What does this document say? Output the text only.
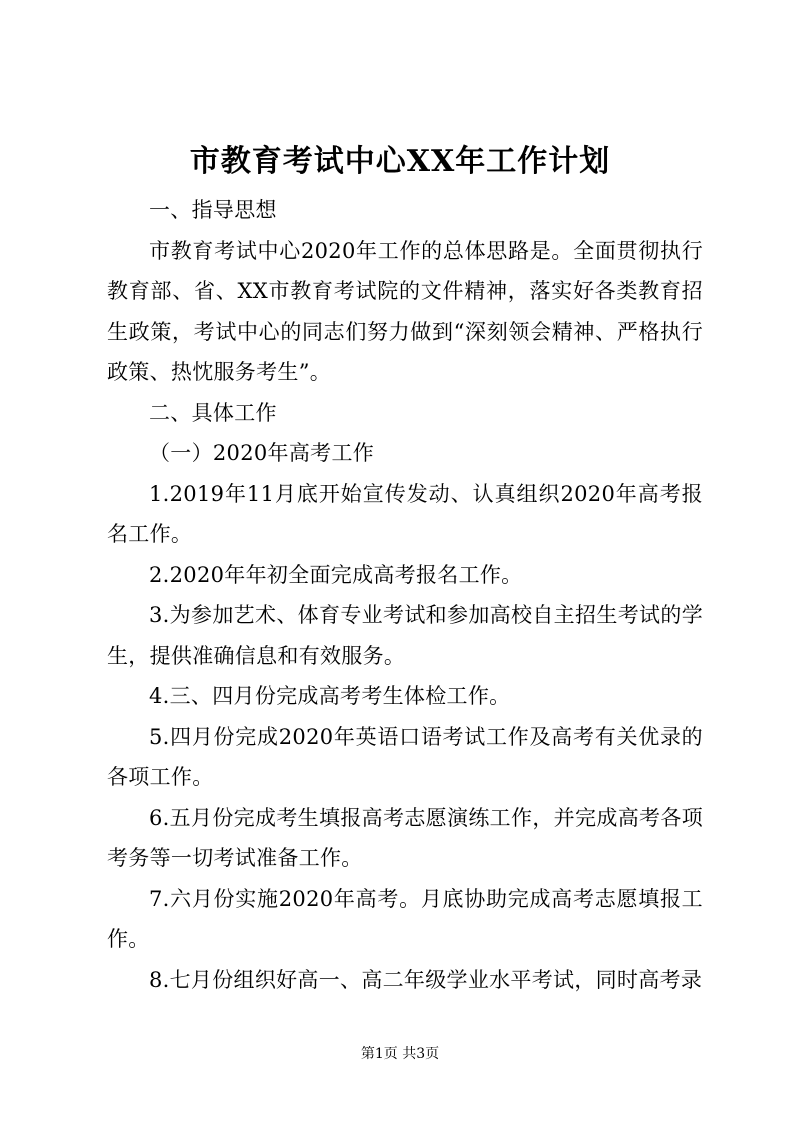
市教育考试中心XX年工作计划

一、指导思想

市教育考试中心2020年工作的总体思路是。全面贯彻执行教育部、省、XX市教育考试院的文件精神，落实好各类教育招生政策，考试中心的同志们努力做到“深刻领会精神、严格执行政策、热忱服务考生”。

二、具体工作

（一）2020年高考工作

1.2019年11月底开始宣传发动、认真组织2020年高考报名工作。

2.2020年年初全面完成高考报名工作。

3.为参加艺术、体育专业考试和参加高校自主招生考试的学生，提供准确信息和有效服务。

4.三、四月份完成高考考生体检工作。

5.四月份完成2020年英语口语考试工作及高考有关优录的各项工作。

6.五月份完成考生填报高考志愿演练工作，并完成高考各项考务等一切考试准备工作。

7.六月份实施2020年高考。月底协助完成高考志愿填报工作。

8.七月份组织好高一、高二年级学业水平考试，同时高考录

第1页 共3页
